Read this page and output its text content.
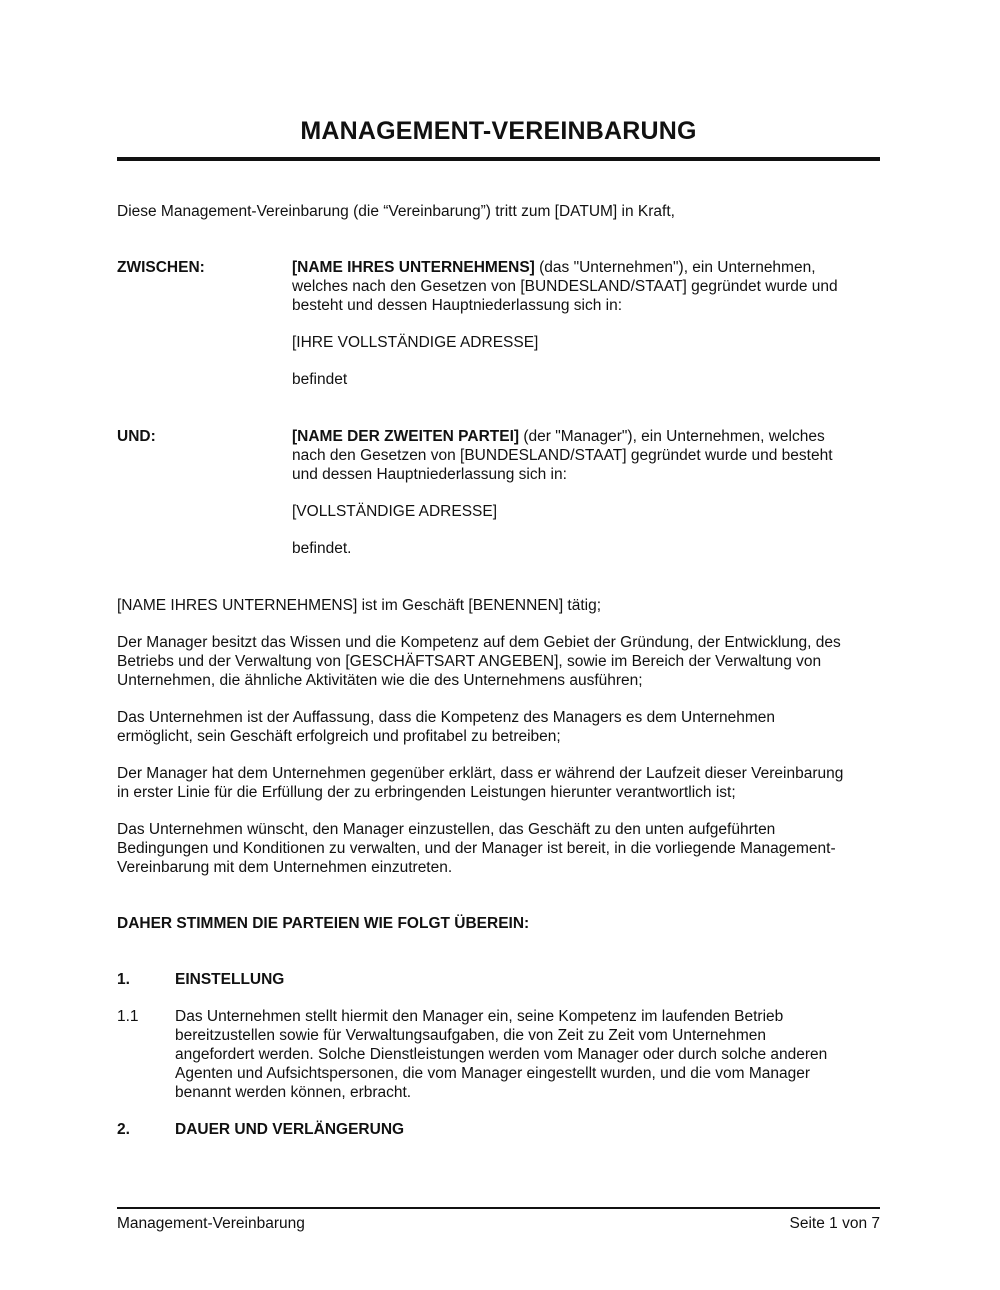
MANAGEMENT-VEREINBARUNG
Diese Management-Vereinbarung (die “Vereinbarung”) tritt zum [DATUM] in Kraft,
ZWISCHEN:	[NAME IHRES UNTERNEHMENS] (das "Unternehmen"), ein Unternehmen,
welches nach den Gesetzen von [BUNDESLAND/STAAT] gegründet wurde und
besteht und dessen Hauptniederlassung sich in:
[IHRE VOLLSTÄNDIGE ADRESSE]
befindet
UND:	[NAME DER ZWEITEN PARTEI] (der "Manager"), ein Unternehmen, welches
nach den Gesetzen von [BUNDESLAND/STAAT] gegründet wurde und besteht
und dessen Hauptniederlassung sich in:
[VOLLSTÄNDIGE ADRESSE]
befindet.
[NAME IHRES UNTERNEHMENS] ist im Geschäft [BENENNEN] tätig;
Der Manager besitzt das Wissen und die Kompetenz auf dem Gebiet der Gründung, der Entwicklung, des
Betriebs und der Verwaltung von [GESCHÄFTSART ANGEBEN], sowie im Bereich der Verwaltung von
Unternehmen, die ähnliche Aktivitäten wie die des Unternehmens ausführen;
Das Unternehmen ist der Auffassung, dass die Kompetenz des Managers es dem Unternehmen
ermöglicht, sein Geschäft erfolgreich und profitabel zu betreiben;
Der Manager hat dem Unternehmen gegenüber erklärt, dass er während der Laufzeit dieser Vereinbarung
in erster Linie für die Erfüllung der zu erbringenden Leistungen hierunter verantwortlich ist;
Das Unternehmen wünscht, den Manager einzustellen, das Geschäft zu den unten aufgeführten
Bedingungen und Konditionen zu verwalten, und der Manager ist bereit, in die vorliegende Management-
Vereinbarung mit dem Unternehmen einzutreten.
DAHER STIMMEN DIE PARTEIEN WIE FOLGT ÜBEREIN:
1.	EINSTELLUNG
1.1 Das Unternehmen stellt hiermit den Manager ein, seine Kompetenz im laufenden Betrieb
bereitzustellen sowie für Verwaltungsaufgaben, die von Zeit zu Zeit vom Unternehmen
angefordert werden. Solche Dienstleistungen werden vom Manager oder durch solche anderen
Agenten und Aufsichtspersonen, die vom Manager eingestellt wurden, und die vom Manager
benannt werden können, erbracht.
2.	DAUER UND VERLÄNGERUNG
Management-Vereinbarung	Seite 1 von 7
